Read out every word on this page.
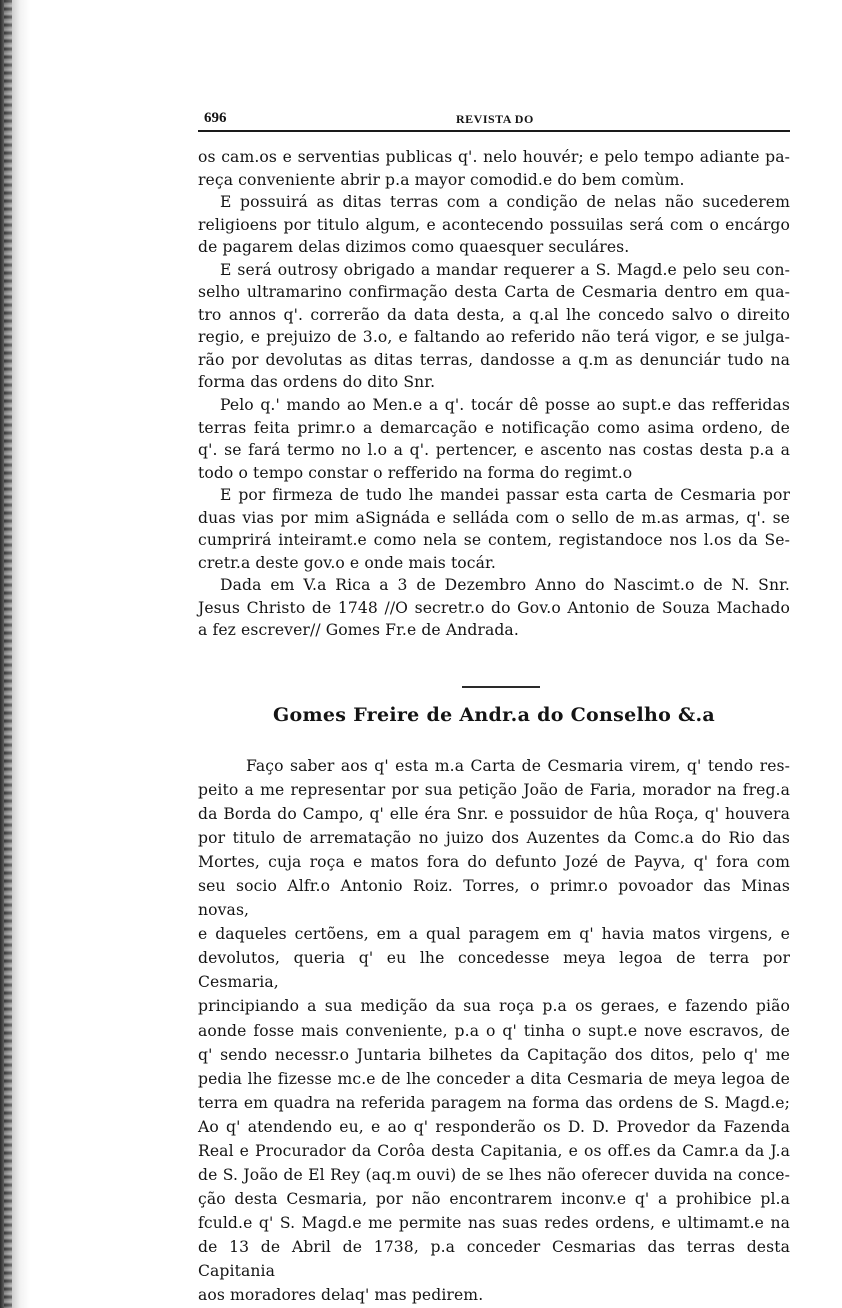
696	REVISTA DO
os cam.os e serventias publicas q'. nelo houvér; e pelo tempo adiante pa-
reça conveniente abrir p.a mayor comodid.e do bem comùm.
E possuirá as ditas terras com a condição de nelas não sucederem
religioens por titulo algum, e acontecendo possuilas será com o encárgo
de pagarem delas dizimos como quaesquer seculáres.
E será outrosy obrigado a mandar requerer a S. Magd.e pelo seu con-
selho ultramarino confirmação desta Carta de Cesmaria dentro em qua-
tro annos q'. correrão da data desta, a q.al lhe concedo salvo o direito
regio, e prejuizo de 3.o, e faltando ao referido não terá vigor, e se julga-
rão por devolutas as ditas terras, dandosse a q.m as denunciár tudo na
forma das ordens do dito Snr.
Pelo q.' mando ao Men.e a q'. tocár dê posse ao supt.e das refferidas
terras feita primr.o a demarcação e notificação como asima ordeno, de
q'. se fará termo no l.o a q'. pertencer, e ascento nas costas desta p.a a
todo o tempo constar o refferido na forma do regimt.o
E por firmeza de tudo lhe mandei passar esta carta de Cesmaria por
duas vias por mim aSignáda e selláda com o sello de m.as armas, q'. se
cumprirá inteiramt.e como nela se contem, registandoce nos l.os da Se-
cretr.a deste gov.o e onde mais tocár.
Dada em V.a Rica a 3 de Dezembro Anno do Nascimt.o de N. Snr.
Jesus Christo de 1748 //O secretr.o do Gov.o Antonio de Souza Machado
a fez escrever// Gomes Fr.e de Andrada.
Gomes Freire de Andr.a do Conselho &.a
Faço saber aos q' esta m.a Carta de Cesmaria virem, q' tendo res-
peito a me representar por sua petição João de Faria, morador na freg.a
da Borda do Campo, q' elle éra Snr. e possuidor de hûa Roça, q' houvera
por titulo de arrematação no juizo dos Auzentes da Comc.a do Rio das
Mortes, cuja roça e matos fora do defunto Jozé de Payva, q' fora com
seu socio Alfr.o Antonio Roiz. Torres, o primr.o povoador das Minas novas,
e daqueles certõens, em a qual paragem em q' havia matos virgens, e
devolutos, queria q' eu lhe concedesse meya legoa de terra por Cesmaria,
principiando a sua medição da sua roça p.a os geraes, e fazendo pião
aonde fosse mais conveniente, p.a o q' tinha o supt.e nove escravos, de
q' sendo necessr.o Juntaria bilhetes da Capitação dos ditos, pelo q' me
pedia lhe fizesse mc.e de lhe conceder a dita Cesmaria de meya legoa de
terra em quadra na referida paragem na forma das ordens de S. Magd.e;
Ao q' atendendo eu, e ao q' responderão os D. D. Provedor da Fazenda
Real e Procurador da Corôa desta Capitania, e os off.es da Camr.a da J.a
de S. João de El Rey (aq.m ouvi) de se lhes não oferecer duvida na conce-
ção desta Cesmaria, por não encontrarem inconv.e q' a prohibice pl.a
fculd.e q' S. Magd.e me permite nas suas redes ordens, e ultimamt.e na
de 13 de Abril de 1738, p.a conceder Cesmarias das terras desta Capitania
aos moradores delaq' mas pedirem.
